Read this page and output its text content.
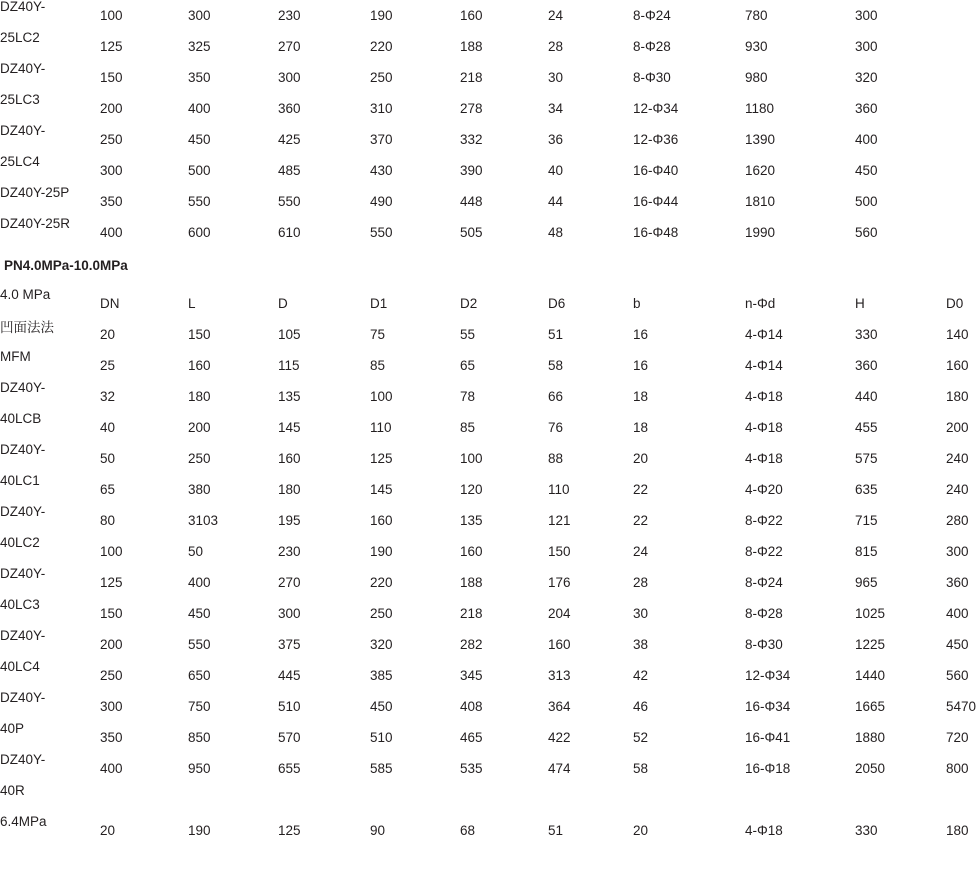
DZ40Y-	100	300	230	190	160	24	8-Φ24	780	300
25LC2	125	325	270	220	188	28	8-Φ28	930	300
DZ40Y-	150	350	300	250	218	30	8-Φ30	980	320
25LC3	200	400	360	310	278	34	12-Φ34	1180	360
DZ40Y-	250	450	425	370	332	36	12-Φ36	1390	400
25LC4	300	500	485	430	390	40	16-Φ40	1620	450
DZ40Y-25P	350	550	550	490	448	44	16-Φ44	1810	500
DZ40Y-25R	400	600	610	550	505	48	16-Φ48	1990	560
PN4.0MPa-10.0MPa
4.0 MPa	DN	L	D	D1	D2	D6	b	n-Φd	H	D0
凹面法法	20	150	105	75	55	51	16	4-Φ14	330	140
MFM	25	160	115	85	65	58	16	4-Φ14	360	160
DZ40Y-	32	180	135	100	78	66	18	4-Φ18	440	180
40LCB	40	200	145	110	85	76	18	4-Φ18	455	200
DZ40Y-	50	250	160	125	100	88	20	4-Φ18	575	240
40LC1	65	380	180	145	120	110	22	4-Φ20	635	240
DZ40Y-	80	3103	195	160	135	121	22	8-Φ22	715	280
40LC2	100	50	230	190	160	150	24	8-Φ22	815	300
DZ40Y-	125	400	270	220	188	176	28	8-Φ24	965	360
40LC3	150	450	300	250	218	204	30	8-Φ28	1025	400
DZ40Y-	200	550	375	320	282	160	38	8-Φ30	1225	450
40LC4	250	650	445	385	345	313	42	12-Φ34	1440	560
DZ40Y-	300	750	510	450	408	364	46	16-Φ34	1665	5470
40P	350	850	570	510	465	422	52	16-Φ41	1880	720
DZ40Y-	400	950	655	585	535	474	58	16-Φ18	2050	800
40R										
6.4MPa	20	190	125	90	68	51	20	4-Φ18	330	180
